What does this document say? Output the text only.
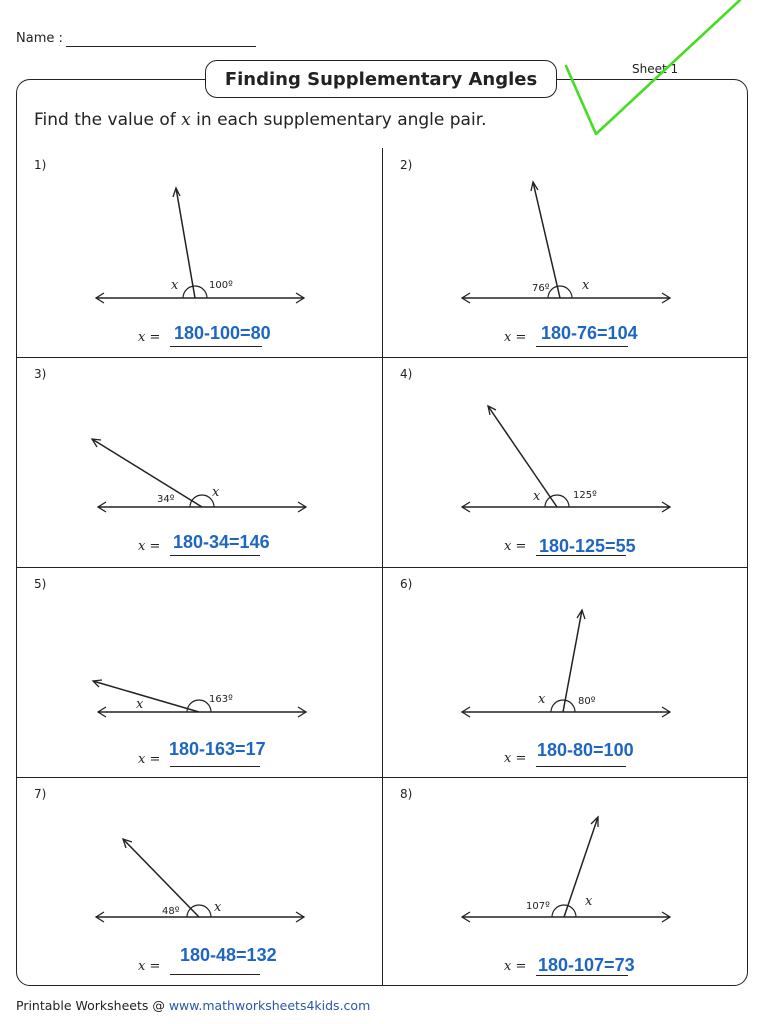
Name :
Finding Supplementary Angles	Sheet 1
Find the value of x in each supplementary angle pair.
1)
x	100º
x = 180-100=80
2)
76º	x
x = 180-76=104
3)
34º	x
x = 180-34=146
4)
x	125º
x = 180-125=55
5)
x	163º
x =
180-163=17
6)
x	80º
x = 180-80=100
7)
48º	x
x =
180-48=132
8)
107º	x
x = 180-107=73
Printable Worksheets @ www.mathworksheets4kids.com
